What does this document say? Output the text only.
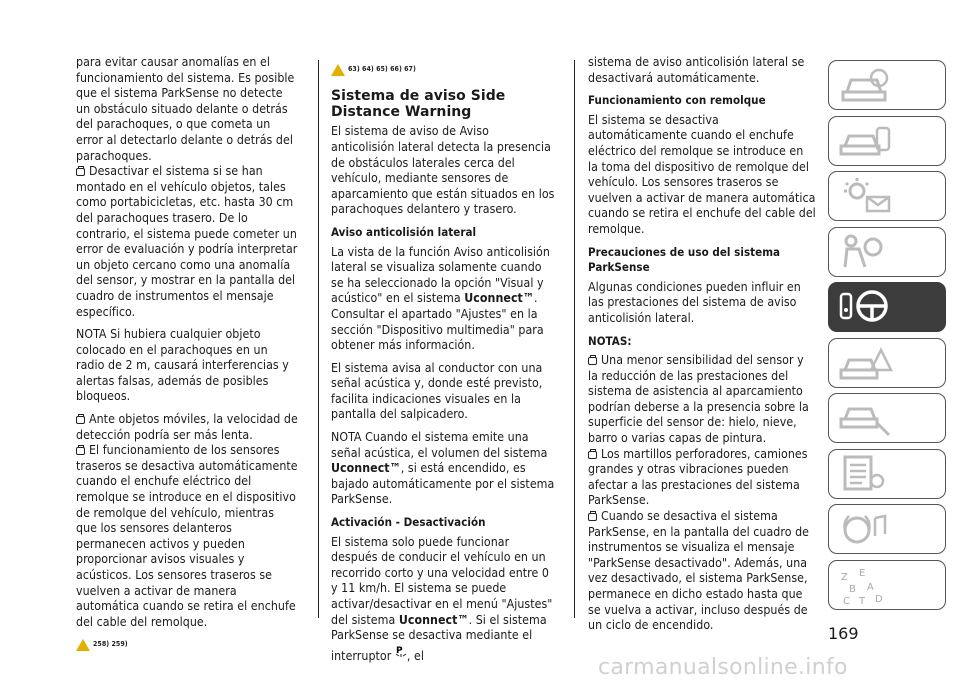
para evitar causar anomalías en el funcionamiento del sistema. Es posible que el sistema ParkSense no detecte un obstáculo situado delante o detrás del parachoques, o que cometa un error al detectarlo delante o detrás del parachoques.

Desactivar el sistema si se han montado en el vehículo objetos, tales como portabicicletas, etc. hasta 30 cm del parachoques trasero. De lo contrario, el sistema puede cometer un error de evaluación y podría interpretar un objeto cercano como una anomalía del sensor, y mostrar en la pantalla del cuadro de instrumentos el mensaje específico.

NOTA Si hubiera cualquier objeto colocado en el parachoques en un radio de 2 m, causará interferencias y alertas falsas, además de posibles bloqueos.

Ante objetos móviles, la velocidad de detección podría ser más lenta.

El funcionamiento de los sensores traseros se desactiva automáticamente cuando el enchufe eléctrico del remolque se introduce en el dispositivo de remolque del vehículo, mientras que los sensores delanteros permanecen activos y pueden proporcionar avisos visuales y acústicos. Los sensores traseros se vuelven a activar de manera automática cuando se retira el enchufe del cable del remolque.

258) 259)
63) 64) 65) 66) 67)
Sistema de aviso Side Distance Warning

El sistema de aviso de Aviso anticolisión lateral detecta la presencia de obstáculos laterales cerca del vehículo, mediante sensores de aparcamiento que están situados en los parachoques delantero y trasero.

Aviso anticolisión lateral

La vista de la función Aviso anticolisión lateral se visualiza solamente cuando se ha seleccionado la opción "Visual y acústico" en el sistema Uconnect™. Consultar el apartado "Ajustes" en la sección "Dispositivo multimedia" para obtener más información.

El sistema avisa al conductor con una señal acústica y, donde esté previsto, facilita indicaciones visuales en la pantalla del salpicadero.

NOTA Cuando el sistema emite una señal acústica, el volumen del sistema Uconnect™, si está encendido, es bajado automáticamente por el sistema ParkSense.

Activación - Desactivación

El sistema solo puede funcionar después de conducir el vehículo en un recorrido corto y una velocidad entre 0 y 11 km/h. El sistema se puede activar/desactivar en el menú "Ajustes" del sistema Uconnect™. Si el sistema ParkSense se desactiva mediante el interruptor P , el

sistema de aviso anticolisión lateral se desactivará automáticamente.

Funcionamiento con remolque

El sistema se desactiva automáticamente cuando el enchufe eléctrico del remolque se introduce en la toma del dispositivo de remolque del vehículo. Los sensores traseros se vuelven a activar de manera automática cuando se retira el enchufe del cable del remolque.

Precauciones de uso del sistema ParkSense

Algunas condiciones pueden influir en las prestaciones del sistema de aviso anticolisión lateral.

NOTAS:

Una menor sensibilidad del sensor y la reducción de las prestaciones del sistema de asistencia al aparcamiento podrían deberse a la presencia sobre la superficie del sensor de: hielo, nieve, barro o varias capas de pintura.

Los martillos perforadores, camiones grandes y otras vibraciones pueden afectar a las prestaciones del sistema ParkSense.

Cuando se desactiva el sistema ParkSense, en la pantalla del cuadro de instrumentos se visualiza el mensaje "ParkSense desactivado". Además, una vez desactivado, el sistema ParkSense, permanece en dicho estado hasta que se vuelva a activar, incluso después de un ciclo de encendido.

Z E
B A
C T D
169
carmanualsonline.info
